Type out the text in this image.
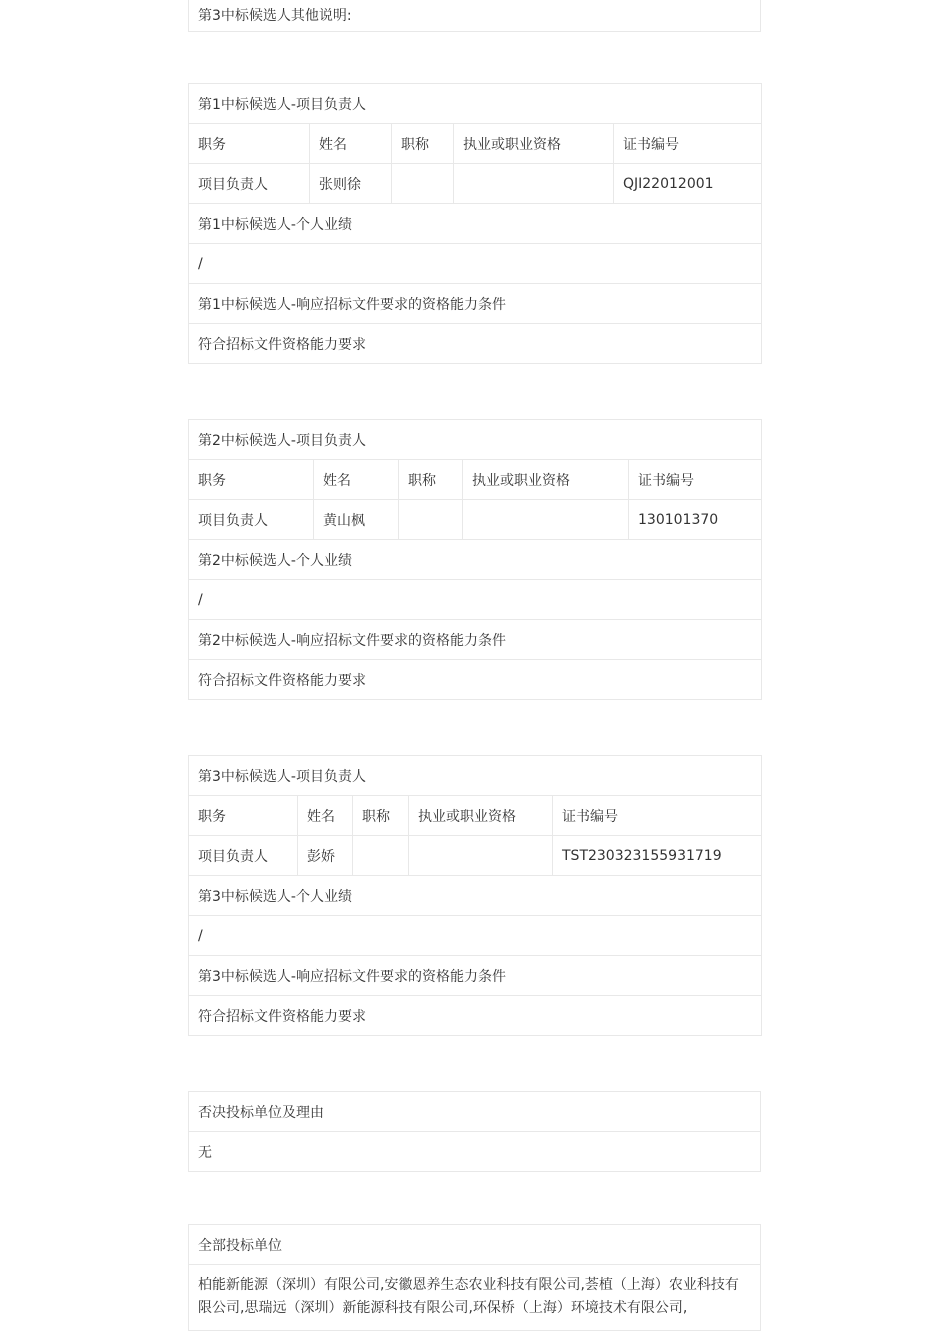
第3中标候选人其他说明:
第1中标候选人-项目负责人				
职务	姓名	职称	执业或职业资格	证书编号
项目负责人	张则徐			QJI22012001
第1中标候选人-个人业绩				
/				
第1中标候选人-响应招标文件要求的资格能力条件				
符合招标文件资格能力要求				
第2中标候选人-项目负责人				
职务	姓名	职称	执业或职业资格	证书编号
项目负责人	黄山枫			130101370
第2中标候选人-个人业绩				
/				
第2中标候选人-响应招标文件要求的资格能力条件				
符合招标文件资格能力要求				
第3中标候选人-项目负责人				
职务	姓名	职称	执业或职业资格	证书编号
项目负责人	彭娇			TST230323155931719
第3中标候选人-个人业绩				
/				
第3中标候选人-响应招标文件要求的资格能力条件				
符合招标文件资格能力要求				
否决投标单位及理由
无
全部投标单位
柏能新能源（深圳）有限公司,安徽恩养生态农业科技有限公司,荟植（上海）农业科技有限公司,思瑞远（深圳）新能源科技有限公司,环保桥（上海）环境技术有限公司,
